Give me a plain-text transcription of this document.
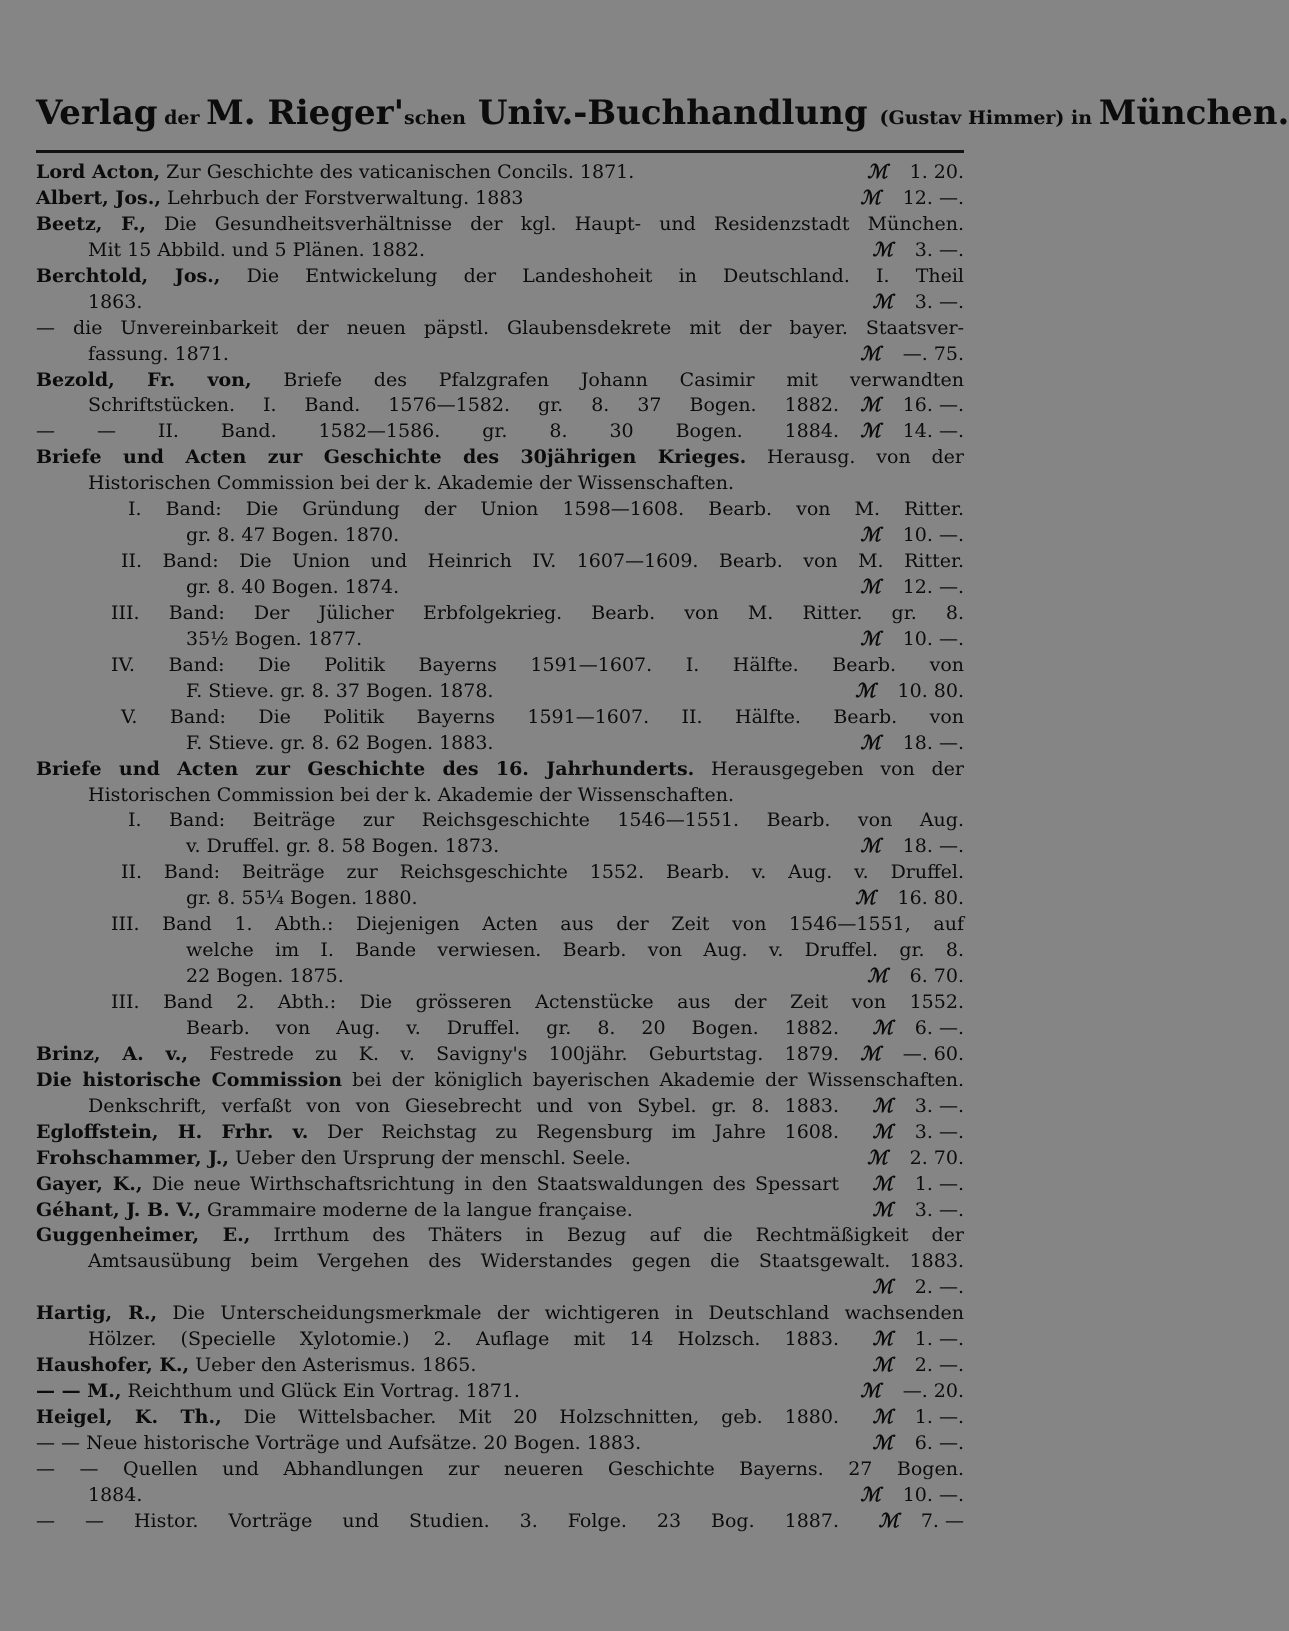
Verlag der M. Rieger'schen Univ.-Buchhandlung (Gustav Himmer) in München.
Lord Acton, Zur Geschichte des vaticanischen Concils. 1871.	ℳ 1. 20.
Albert, Jos., Lehrbuch der Forstverwaltung. 1883	ℳ 12. —.
Beetz, F., Die Gesundheitsverhältnisse der kgl. Haupt- und Residenzstadt München.
Mit 15 Abbild. und 5 Plänen. 1882.	ℳ 3. —.
Berchtold, Jos., Die Entwickelung der Landeshoheit in Deutschland. I. Theil
1863.	ℳ 3. —.
— die Unvereinbarkeit der neuen päpstl. Glaubensdekrete mit der bayer. Staatsver-
fassung. 1871.	ℳ —. 75.
Bezold, Fr. von, Briefe des Pfalzgrafen Johann Casimir mit verwandten
Schriftstücken. I. Band. 1576—1582. gr. 8. 37 Bogen. 1882.	ℳ 16. —.
— — II. Band. 1582—1586. gr. 8. 30 Bogen. 1884.	ℳ 14. —.
Briefe und Acten zur Geschichte des 30jährigen Krieges. Herausg. von der
Historischen Commission bei der k. Akademie der Wissenschaften.
I. Band: Die Gründung der Union 1598—1608. Bearb. von M. Ritter.
gr. 8. 47 Bogen. 1870.	ℳ 10. —.
II. Band: Die Union und Heinrich IV. 1607—1609. Bearb. von M. Ritter.
gr. 8. 40 Bogen. 1874.	ℳ 12. —.
III. Band: Der Jülicher Erbfolgekrieg. Bearb. von M. Ritter. gr. 8.
35½ Bogen. 1877.	ℳ 10. —.
IV. Band: Die Politik Bayerns 1591—1607. I. Hälfte. Bearb. von
F. Stieve. gr. 8. 37 Bogen. 1878.	ℳ 10. 80.
V. Band: Die Politik Bayerns 1591—1607. II. Hälfte. Bearb. von
F. Stieve. gr. 8. 62 Bogen. 1883.	ℳ 18. —.
Briefe und Acten zur Geschichte des 16. Jahrhunderts. Herausgegeben von der
Historischen Commission bei der k. Akademie der Wissenschaften.
I. Band: Beiträge zur Reichsgeschichte 1546—1551. Bearb. von Aug.
v. Druffel. gr. 8. 58 Bogen. 1873.	ℳ 18. —.
II. Band: Beiträge zur Reichsgeschichte 1552. Bearb. v. Aug. v. Druffel.
gr. 8. 55¼ Bogen. 1880.	ℳ 16. 80.
III. Band 1. Abth.: Diejenigen Acten aus der Zeit von 1546—1551, auf
welche im I. Bande verwiesen. Bearb. von Aug. v. Druffel. gr. 8.
22 Bogen. 1875.	ℳ 6. 70.
III. Band 2. Abth.: Die grösseren Actenstücke aus der Zeit von 1552.
Bearb. von Aug. v. Druffel. gr. 8. 20 Bogen. 1882.	ℳ 6. —.
Brinz, A. v., Festrede zu K. v. Savigny's 100jähr. Geburtstag. 1879.	ℳ —. 60.
Die historische Commission bei der königlich bayerischen Akademie der Wissenschaften.
Denkschrift, verfaßt von von Giesebrecht und von Sybel. gr. 8. 1883.	ℳ 3. —.
Egloffstein, H. Frhr. v. Der Reichstag zu Regensburg im Jahre 1608.	ℳ 3. —.
Frohschammer, J., Ueber den Ursprung der menschl. Seele.	ℳ 2. 70.
Gayer, K., Die neue Wirthschaftsrichtung in den Staatswaldungen des Spessart	ℳ 1. —.
Géhant, J. B. V., Grammaire moderne de la langue française.	ℳ 3. —.
Guggenheimer, E., Irrthum des Thäters in Bezug auf die Rechtmäßigkeit der
Amtsausübung beim Vergehen des Widerstandes gegen die Staatsgewalt. 1883.
ℳ 2. —.
Hartig, R., Die Unterscheidungsmerkmale der wichtigeren in Deutschland wachsenden
Hölzer. (Specielle Xylotomie.) 2. Auflage mit 14 Holzsch. 1883.	ℳ 1. —.
Haushofer, K., Ueber den Asterismus. 1865.	ℳ 2. —.
— — M., Reichthum und Glück Ein Vortrag. 1871.	ℳ —. 20.
Heigel, K. Th., Die Wittelsbacher. Mit 20 Holzschnitten, geb. 1880.	ℳ 1. —.
— — Neue historische Vorträge und Aufsätze. 20 Bogen. 1883.	ℳ 6. —.
— — Quellen und Abhandlungen zur neueren Geschichte Bayerns. 27 Bogen.
1884.	ℳ 10. —.
— — Histor. Vorträge und Studien. 3. Folge. 23 Bog. 1887.	ℳ 7. —
